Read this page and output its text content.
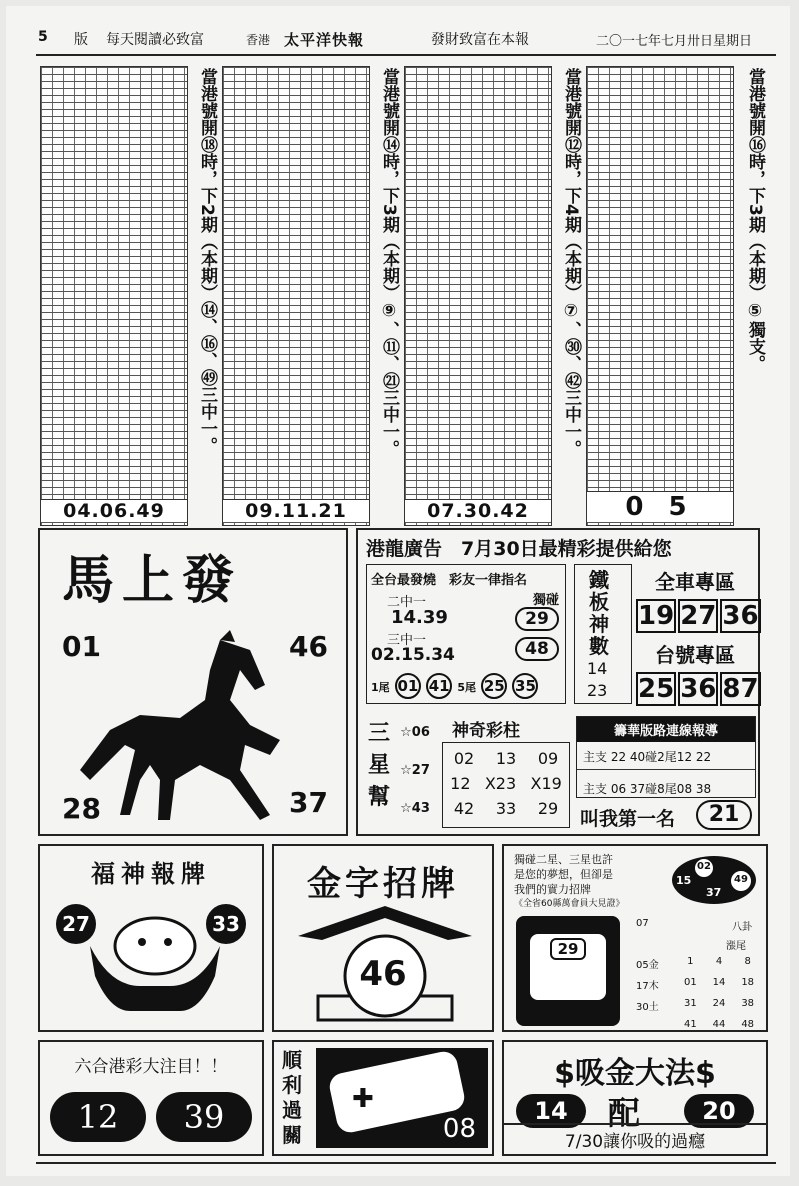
5 版 每天閱讀必致富	香港 太平洋快報	發財致富在本報	二〇一七年七月卅日星期日
04.06.49
當港號開⑱時，下2期（本期）⑭、⑯、㊾三中一。
09.11.21
當港號開⑭時，下3期（本期）⑨、⑪、㉑三中一。
07.30.42
當港號開⑫時，下4期（本期）⑦、㉚、㊷三中一。
0 5
當港號開⑯時，下3期（本期）⑤獨支。
馬上發
01	46
28	37
港龍廣告　7月30日最精彩提供給您
全台最發燒　彩友一律指名
二中一
14.39
三中一
02.15.34
獨碰
29
48
1尾 01 41 5尾 25 35
鐵板神數
14
23
全車專區
19 27 36
台號專區
25 36 87
三星幫
☆06
☆27
☆43
神奇彩柱
02 13 09
12 X23 X19
42 33 29
籌華版路連線報導
主支 22 40碰2尾12 22
主支 06 37碰8尾08 38
叫我第一名	21
福神報牌
27	33
金字招牌
46
獨碰二星、三星也許
是您的夢想，但卻是
我們的實力招牌
《全省60縣萬會員大見證》
02
15	49
37
29
07	八卦
漲尾
05金	1	4	8
17木	01	14	18
30土	31	24	38
41	44	48
六合港彩大注目！！
12	39
順利過關
✚
08
$吸金大法$
14	配	20
7/30讓你吸的過癮
